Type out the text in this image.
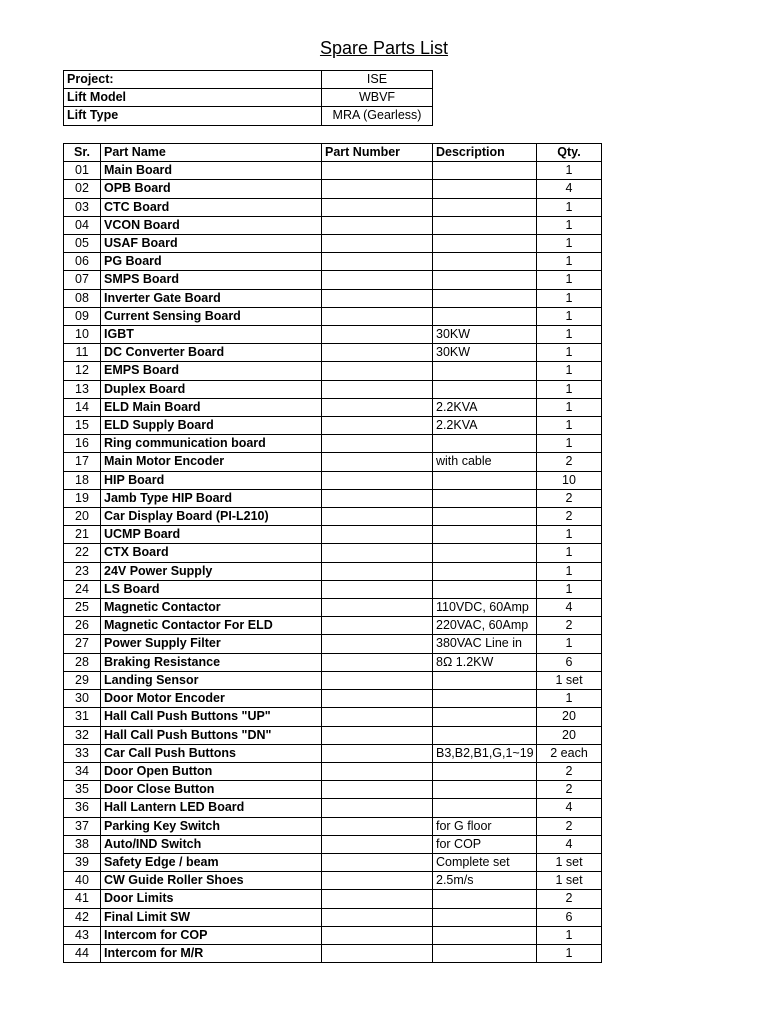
Spare Parts List
Project:	ISE
Lift Model	WBVF
Lift Type	MRA (Gearless)
Sr.	Part Name	Part Number	Description	Qty.
01	Main Board			1
02	OPB Board			4
03	CTC Board			1
04	VCON Board			1
05	USAF Board			1
06	PG Board			1
07	SMPS Board			1
08	Inverter Gate Board			1
09	Current Sensing Board			1
10	IGBT		30KW	1
11	DC Converter Board		30KW	1
12	EMPS Board			1
13	Duplex Board			1
14	ELD Main Board		2.2KVA	1
15	ELD Supply Board		2.2KVA	1
16	Ring communication board			1
17	Main Motor Encoder		with cable	2
18	HIP Board			10
19	Jamb Type HIP Board			2
20	Car Display Board (PI-L210)			2
21	UCMP Board			1
22	CTX Board			1
23	24V Power Supply			1
24	LS Board			1
25	Magnetic Contactor		110VDC, 60Amp	4
26	Magnetic Contactor For ELD		220VAC, 60Amp	2
27	Power Supply Filter		380VAC Line in	1
28	Braking Resistance		8Ω 1.2KW	6
29	Landing Sensor			1 set
30	Door Motor Encoder			1
31	Hall Call Push Buttons "UP"			20
32	Hall Call Push Buttons "DN"			20
33	Car Call Push Buttons		B3,B2,B1,G,1~19	2 each
34	Door Open Button			2
35	Door Close Button			2
36	Hall Lantern LED Board			4
37	Parking Key Switch		for G floor	2
38	Auto/IND Switch		for COP	4
39	Safety Edge / beam		Complete set	1 set
40	CW Guide Roller Shoes		2.5m/s	1 set
41	Door Limits			2
42	Final Limit SW			6
43	Intercom for COP			1
44	Intercom for M/R			1
